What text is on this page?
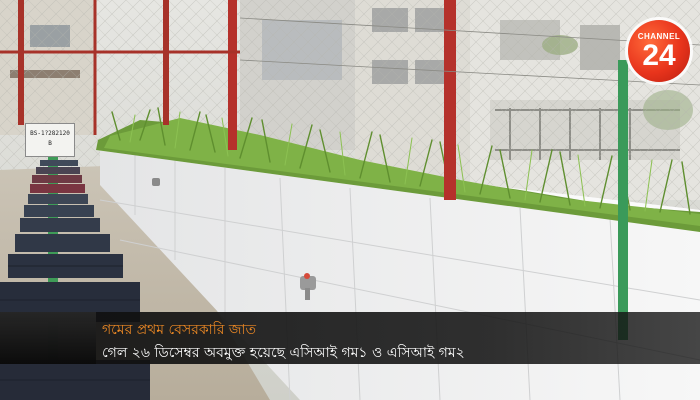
BS-1?282120
B
CHANNEL
24
গমের প্রথম বেসরকারি জাত
গেল ২৬ ডিসেম্বর অবমুক্ত হয়েছে এসিআই গম১ ও এসিআই গম২
